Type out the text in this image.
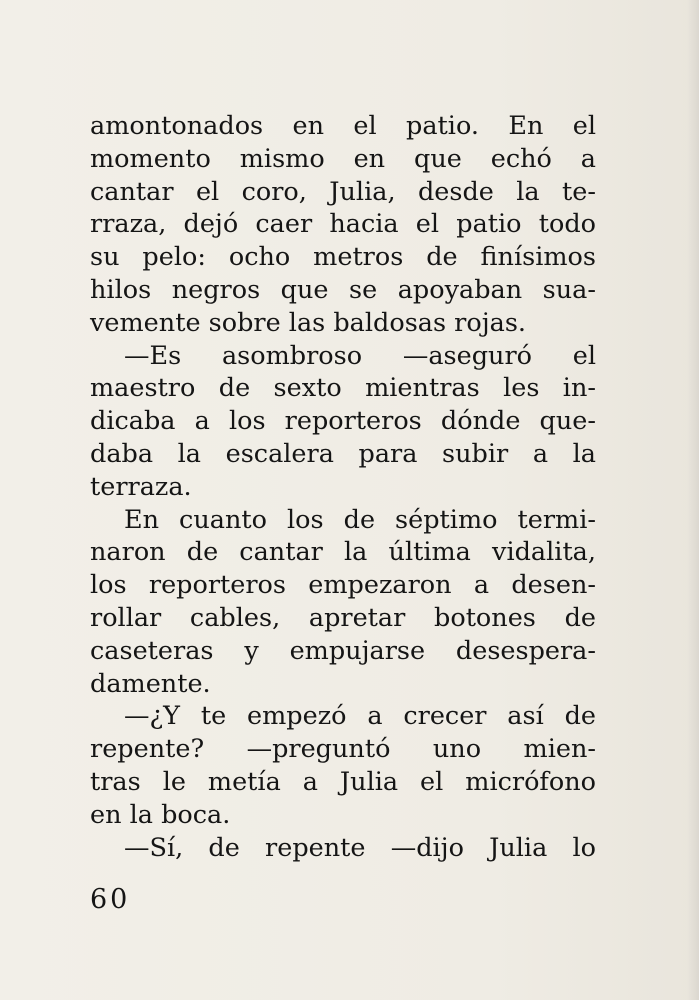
amontonados en el patio. En el
momento mismo en que echó a
cantar el coro, Julia, desde la te-
rraza, dejó caer hacia el patio todo
su pelo: ocho metros de finísimos
hilos negros que se apoyaban sua-
vemente sobre las baldosas rojas.
—Es asombroso —aseguró el
maestro de sexto mientras les in-
dicaba a los reporteros dónde que-
daba la escalera para subir a la
terraza.
En cuanto los de séptimo termi-
naron de cantar la última vidalita,
los reporteros empezaron a desen-
rollar cables, apretar botones de
caseteras y empujarse desespera-
damente.
—¿Y te empezó a crecer así de
repente? —preguntó uno mien-
tras le metía a Julia el micrófono
en la boca.
—Sí, de repente —dijo Julia lo
60
